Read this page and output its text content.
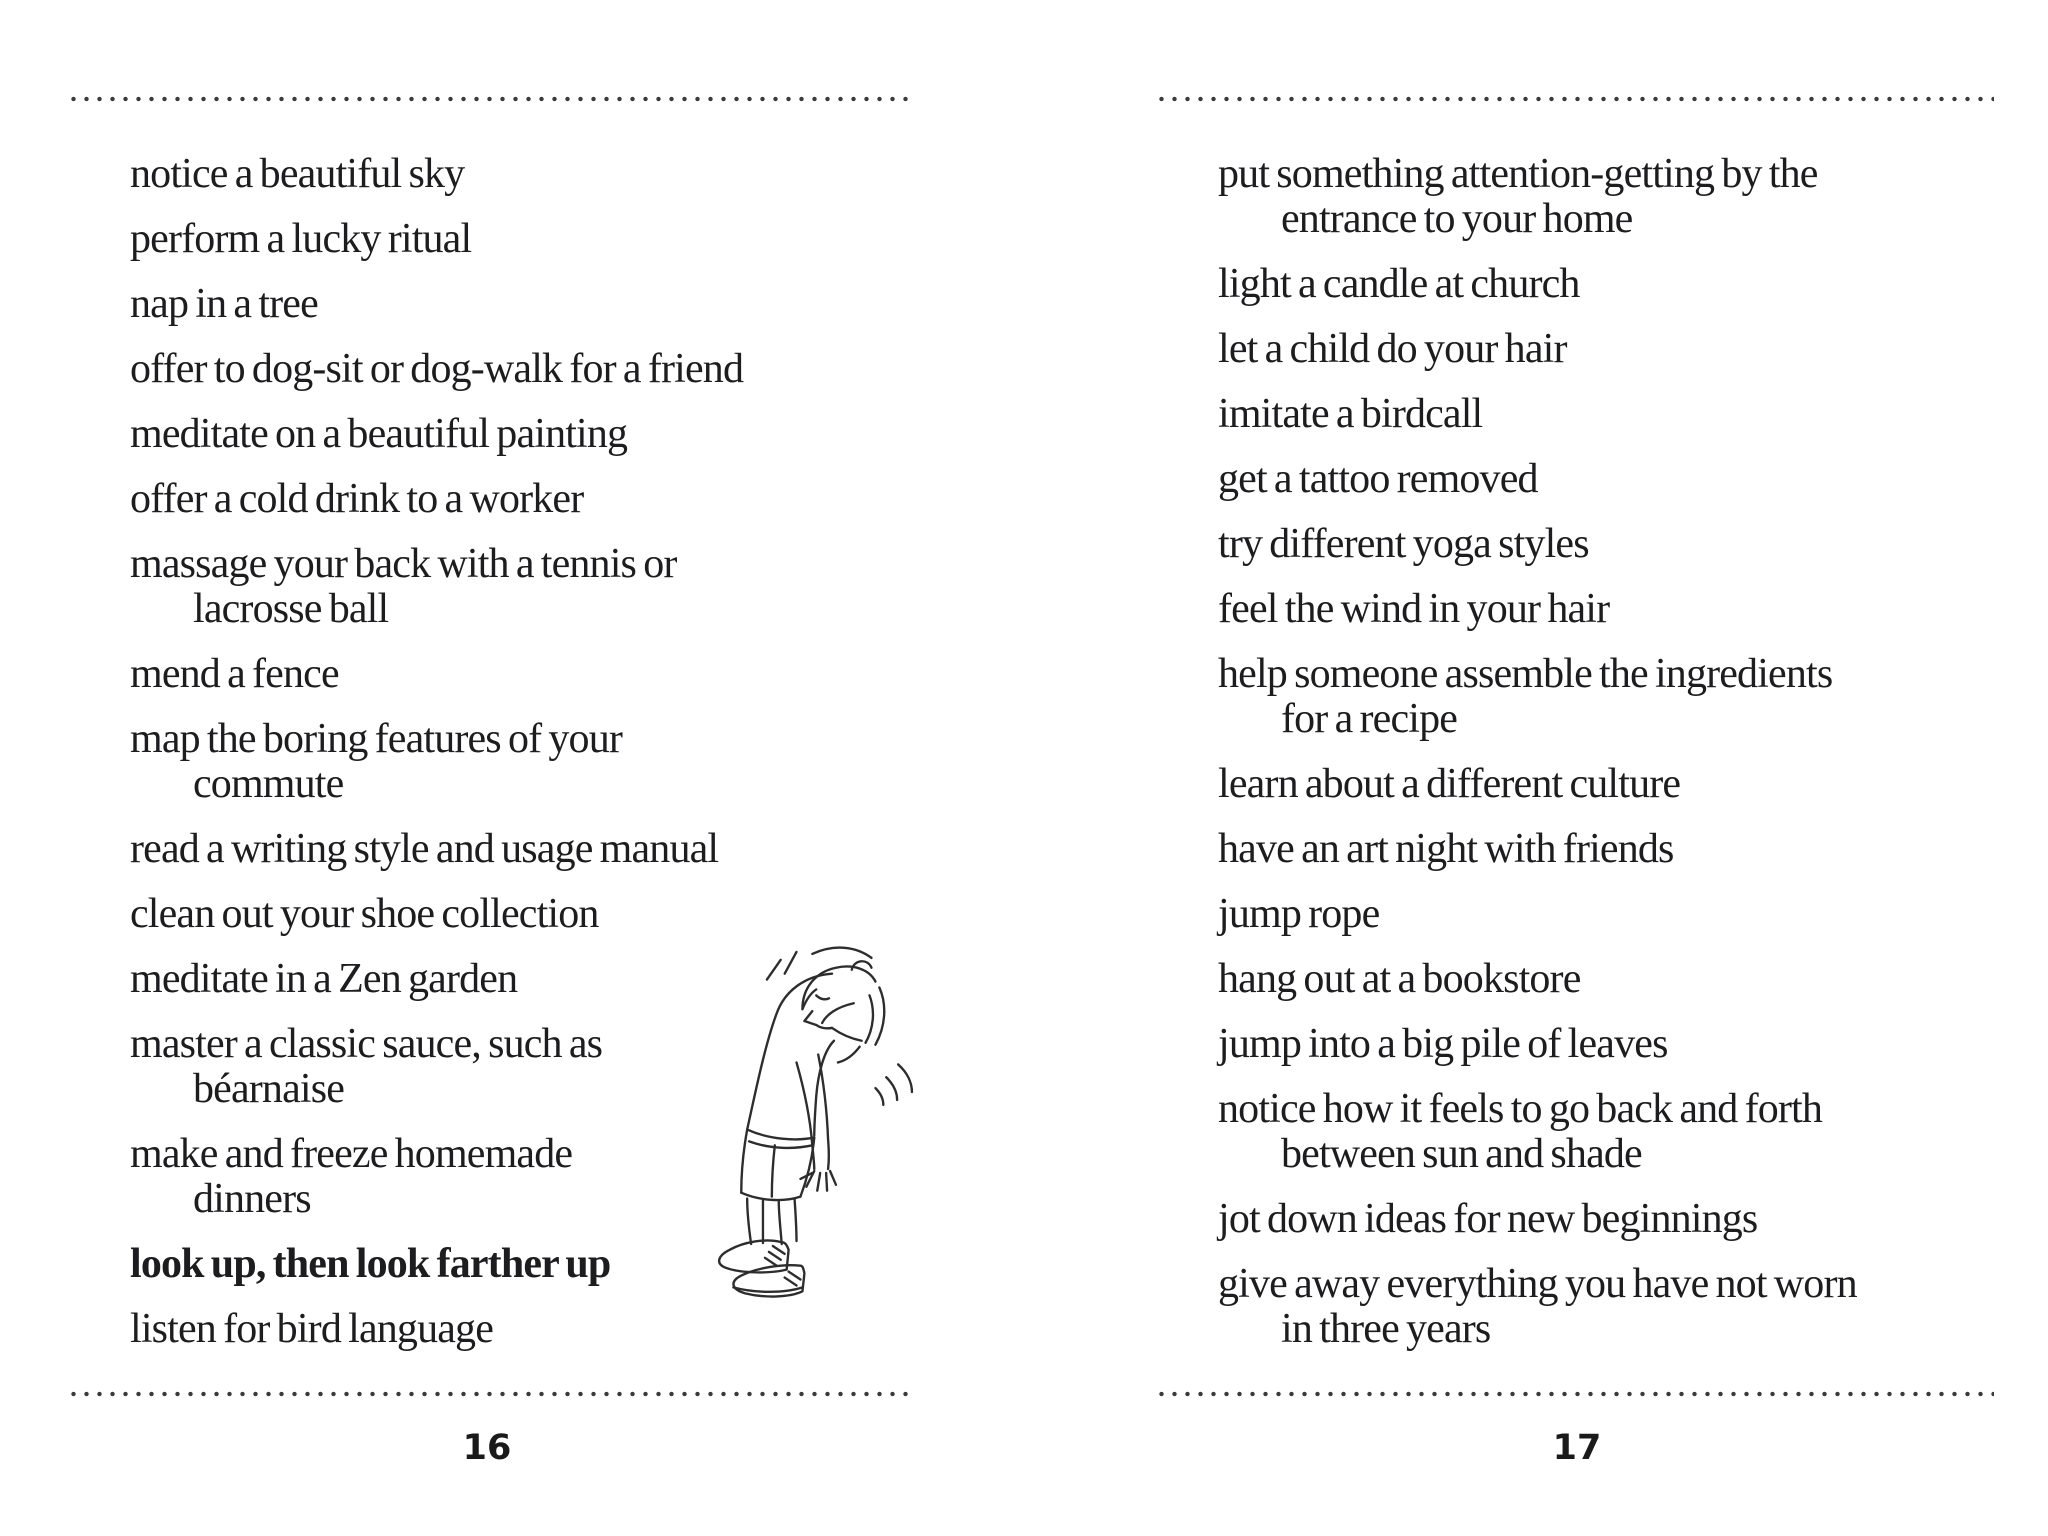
notice a beautiful sky
perform a lucky ritual
nap in a tree
offer to dog-sit or dog-walk for a friend
meditate on a beautiful painting
offer a cold drink to a worker
massage your back with a tennis or
lacrosse ball
mend a fence
map the boring features of your
commute
read a writing style and usage manual
clean out your shoe collection
meditate in a Zen garden
master a classic sauce, such as
béarnaise
make and freeze homemade
dinners
look up, then look farther up
listen for bird language
16
put something attention-getting by the
entrance to your home
light a candle at church
let a child do your hair
imitate a birdcall
get a tattoo removed
try different yoga styles
feel the wind in your hair
help someone assemble the ingredients
for a recipe
learn about a different culture
have an art night with friends
jump rope
hang out at a bookstore
jump into a big pile of leaves
notice how it feels to go back and forth
between sun and shade
jot down ideas for new beginnings
give away everything you have not worn
in three years
17
